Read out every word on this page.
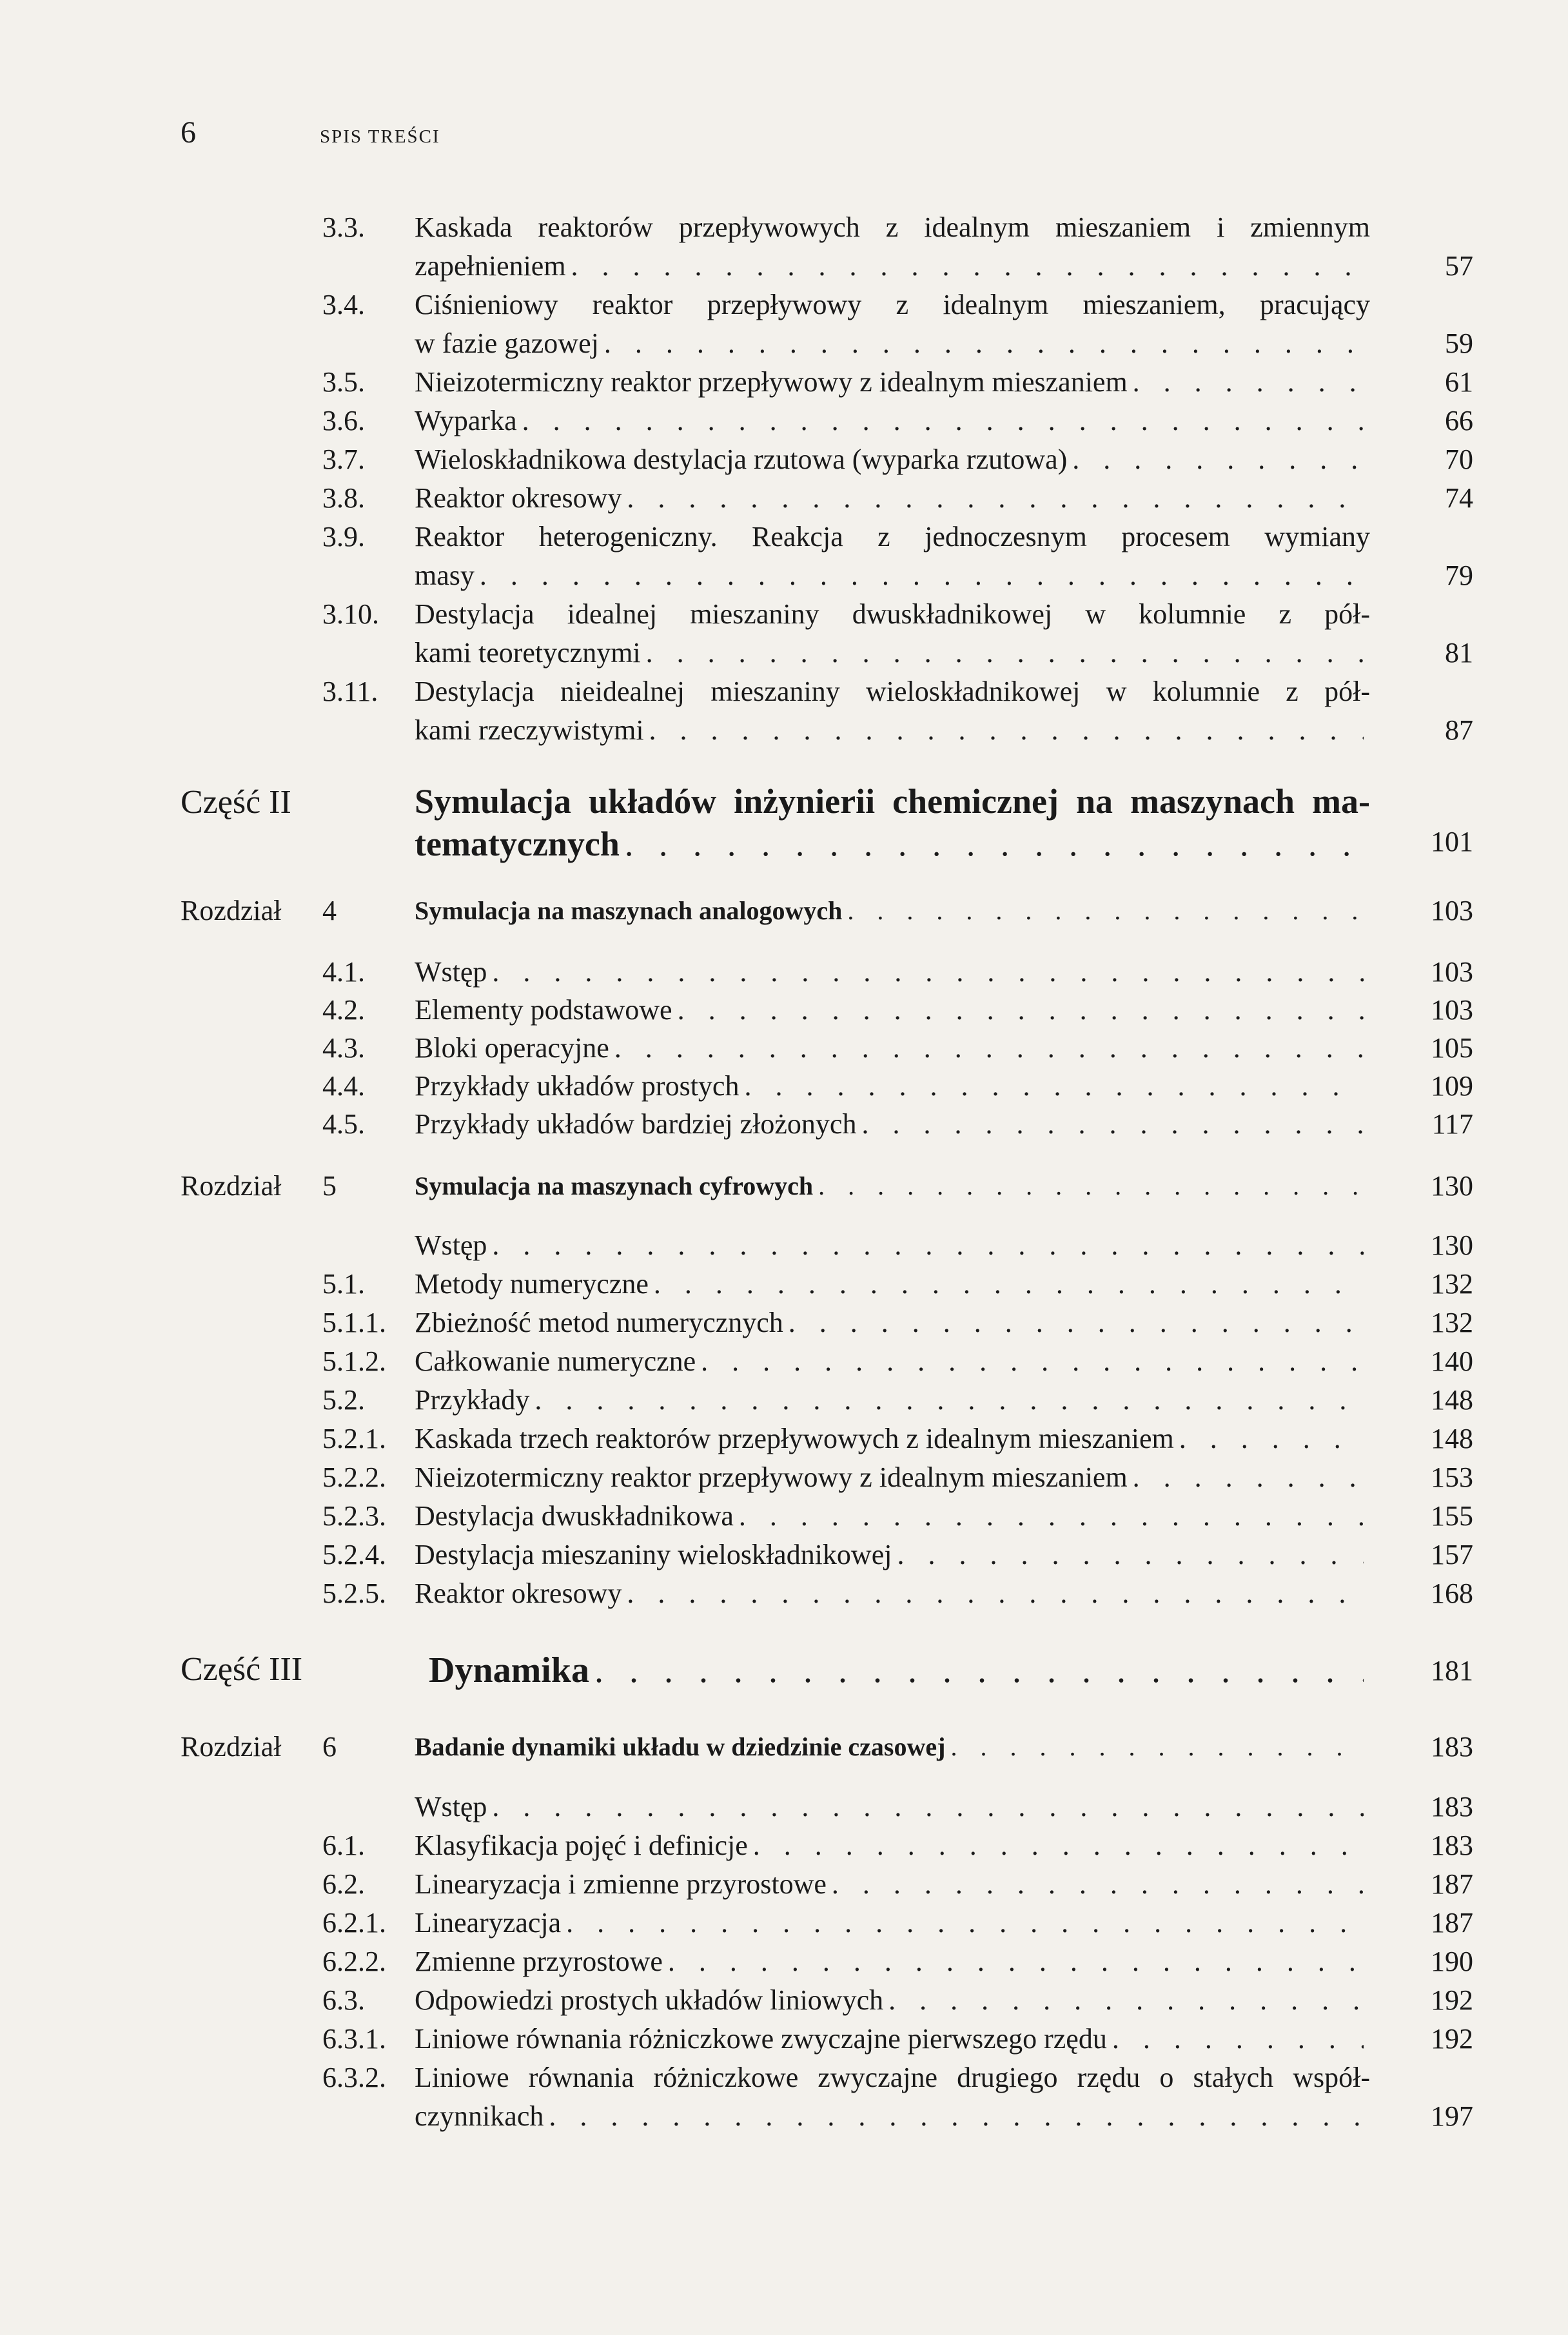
6	SPIS TREŚCI
3.3. Kaskada reaktorów przepływowych z idealnym mieszaniem i zmiennym
zapełnieniem . . .	57
3.4. Ciśnieniowy reaktor przepływowy z idealnym mieszaniem, pracujący
w fazie gazowej . . .	59
3.5. Nieizotermiczny reaktor przepływowy z idealnym mieszaniem . . .	61
3.6. Wyparka . . .	66
3.7. Wieloskładnikowa destylacja rzutowa (wyparka rzutowa) . . .	70
3.8. Reaktor okresowy . . .	74
3.9. Reaktor heterogeniczny. Reakcja z jednoczesnym procesem wymiany
masy . . .	79
3.10. Destylacja idealnej mieszaniny dwuskładnikowej w kolumnie z pół-
kami teoretycznymi . . .	81
3.11. Destylacja nieidealnej mieszaniny wieloskładnikowej w kolumnie z pół-
kami rzeczywistymi . . .	87
Część II	Symulacja układów inżynierii chemicznej na maszynach ma-
tematycznych . . .	101
Rozdział 4	Symulacja na maszynach analogowych . . .	103
4.1. Wstęp . . .	103
4.2. Elementy podstawowe . . .	103
4.3. Bloki operacyjne . . .	105
4.4. Przykłady układów prostych . . .	109
4.5. Przykłady układów bardziej złożonych . . .	117
Rozdział 5	Symulacja na maszynach cyfrowych . . .	130
Wstęp . . .	130
5.1. Metody numeryczne . . .	132
5.1.1. Zbieżność metod numerycznych . . .	132
5.1.2. Całkowanie numeryczne . . .	140
5.2. Przykłady . . .	148
5.2.1. Kaskada trzech reaktorów przepływowych z idealnym mieszaniem . . .	148
5.2.2. Nieizotermiczny reaktor przepływowy z idealnym mieszaniem . . .	153
5.2.3. Destylacja dwuskładnikowa . . .	155
5.2.4. Destylacja mieszaniny wieloskładnikowej . . .	157
5.2.5. Reaktor okresowy . . .	168
Część III	Dynamika . . .	181
Rozdział 6	Badanie dynamiki układu w dziedzinie czasowej . . .	183
Wstęp . . .	183
6.1. Klasyfikacja pojęć i definicje . . .	183
6.2. Linearyzacja i zmienne przyrostowe . . .	187
6.2.1. Linearyzacja . . .	187
6.2.2. Zmienne przyrostowe . . .	190
6.3. Odpowiedzi prostych układów liniowych . . .	192
6.3.1. Liniowe równania różniczkowe zwyczajne pierwszego rzędu . . .	192
6.3.2. Liniowe równania różniczkowe zwyczajne drugiego rzędu o stałych współ-
czynnikach . . .	197
